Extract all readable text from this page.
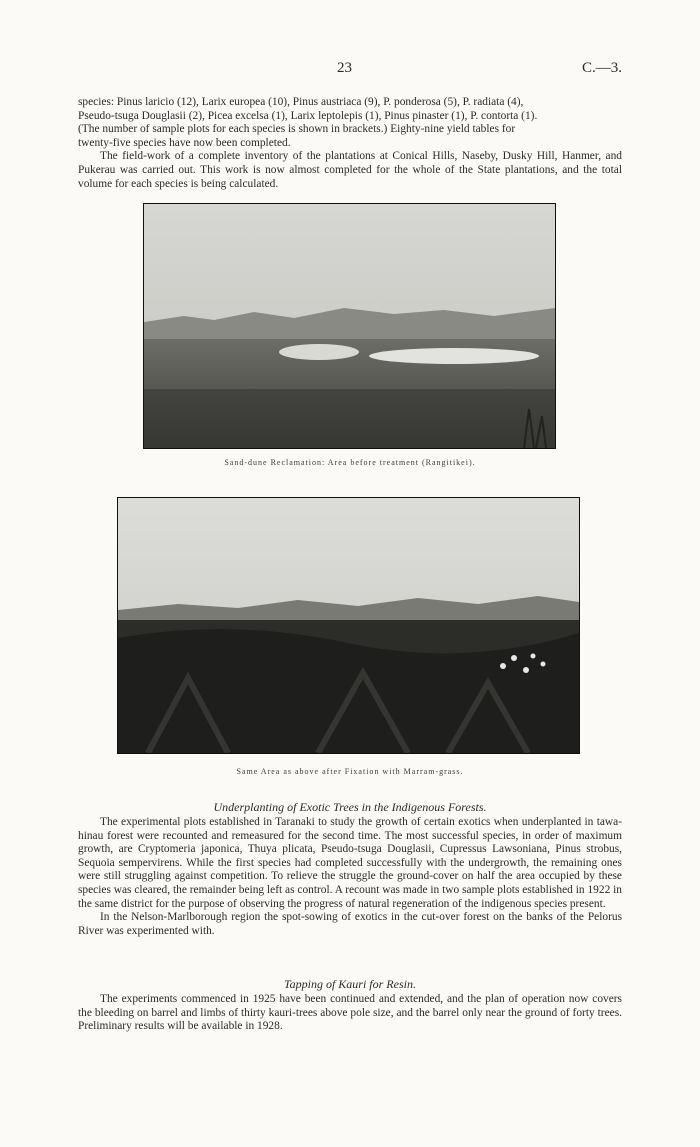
23	C.—3.

species: Pinus laricio (12), Larix europea (10), Pinus austriaca (9), P. ponderosa (5), P. radiata (4),

Pseudo-tsuga Douglasii (2), Picea excelsa (1), Larix leptolepis (1), Pinus pinaster (1), P. contorta (1).

(The number of sample plots for each species is shown in brackets.) Eighty-nine yield tables for

twenty-five species have now been completed.

The field-work of a complete inventory of the plantations at Conical Hills, Naseby, Dusky Hill, Hanmer, and Pukerau was carried out. This work is now almost completed for the whole of the State plantations, and the total volume for each species is being calculated.

Sand-dune Reclamation: Area before treatment (Rangitikei).
Same Area as above after Fixation with Marram-grass.
Underplanting of Exotic Trees in the Indigenous Forests.

The experimental plots established in Taranaki to study the growth of certain exotics when underplanted in tawa-hinau forest were recounted and remeasured for the second time. The most successful species, in order of maximum growth, are Cryptomeria japonica, Thuya plicata, Pseudo-tsuga Douglasii, Cupressus Lawsoniana, Pinus strobus, Sequoia sempervirens. While the first species had completed successfully with the undergrowth, the remaining ones were still struggling against competition. To relieve the struggle the ground-cover on half the area occupied by these species was cleared, the remainder being left as control. A recount was made in two sample plots established in 1922 in the same district for the purpose of observing the progress of natural regeneration of the indigenous species present.

In the Nelson-Marlborough region the spot-sowing of exotics in the cut-over forest on the banks of the Pelorus River was experimented with.

Tapping of Kauri for Resin.

The experiments commenced in 1925 have been continued and extended, and the plan of operation now covers the bleeding on barrel and limbs of thirty kauri-trees above pole size, and the barrel only near the ground of forty trees. Preliminary results will be available in 1928.
